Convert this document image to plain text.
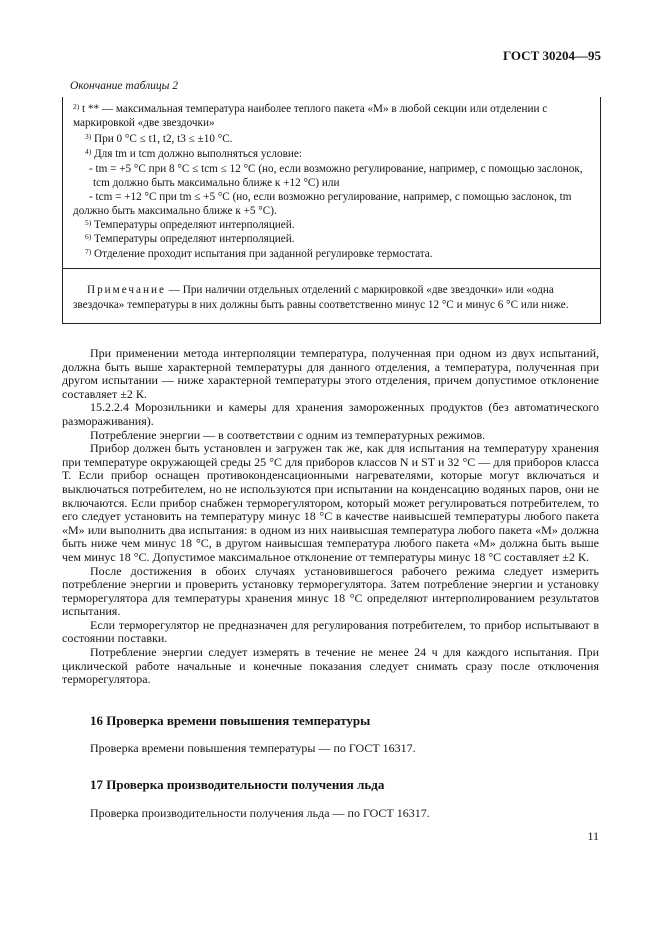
ГОСТ 30204—95
Окончание таблицы 2
$^{2)}$ t ** — максимальная температура наиболее теплого пакета «М» в любой секции или отделении с
маркировкой «две звездочки»
$^{3)}$ При 0 °С ≤ t1, t2, t3 ≤ ±10 °С.
$^{4)}$ Для tm и tcm должно выполняться условие:
- tm = +5 °С при 8 °С ≤ tcm ≤ 12 °С (но, если возможно регулирование, например, с помощью заслонок,
tcm должно быть максимально ближе к +12 °С) или
- tcm = +12 °С при tm ≤ +5 °С (но, если возможно регулирование, например, с помощью заслонок, tm
должно быть максимально ближе к +5 °С).
$^{5)}$ Температуры определяют интерполяцией.
$^{6)}$ Температуры определяют интерполяцией.
$^{7)}$ Отделение проходит испытания при заданной регулировке термостата.
Примечание — При наличии отдельных отделений с маркировкой «две звездочки» или «одна
звездочка» температуры в них должны быть равны соответственно минус 12 °С и минус 6 °С или ниже.

При применении метода интерполяции температура, полученная при одном из двух испытаний, должна быть выше характерной температуры для данного отделения, а температура, полученная при другом испытании — ниже характерной температуры этого отделения, причем допустимое отклонение составляет ±2 К.

15.2.2.4 Морозильники и камеры для хранения замороженных продуктов (без автоматического размораживания).

Потребление энергии — в соответствии с одним из температурных режимов.

Прибор должен быть установлен и загружен так же, как для испытания на температуру хранения при температуре окружающей среды 25 °С для приборов классов N и ST и 32 °С — для приборов класса Т. Если прибор оснащен противоконденсационными нагревателями, которые могут включаться и выключаться потребителем, но не используются при испытании на конденсацию водяных паров, они не включаются. Если прибор снабжен терморегулятором, который может регулироваться потребителем, то его следует установить на температуру минус 18 °С в качестве наивысшей температуры любого пакета «М» или выполнить два испытания: в одном из них наивысшая температура любого пакета «М» должна быть ниже чем минус 18 °С, в другом наивысшая температура любого пакета «М» должна быть выше чем минус 18 °С. Допустимое максимальное отклонение от температуры минус 18 °С составляет ±2 К.

После достижения в обоих случаях установившегося рабочего режима следует измерить потребление энергии и проверить установку терморегулятора. Затем потребление энергии и установку терморегулятора для температуры хранения минус 18 °С определяют интерполированием результатов испытания.

Если терморегулятор не предназначен для регулирования потребителем, то прибор испытывают в состоянии поставки.

Потребление энергии следует измерять в течение не менее 24 ч для каждого испытания. При циклической работе начальные и конечные показания следует снимать сразу после отключения терморегулятора.

16 Проверка времени повышения температуры
Проверка времени повышения температуры — по ГОСТ 16317.
17 Проверка производительности получения льда
Проверка производительности получения льда — по ГОСТ 16317.
11
